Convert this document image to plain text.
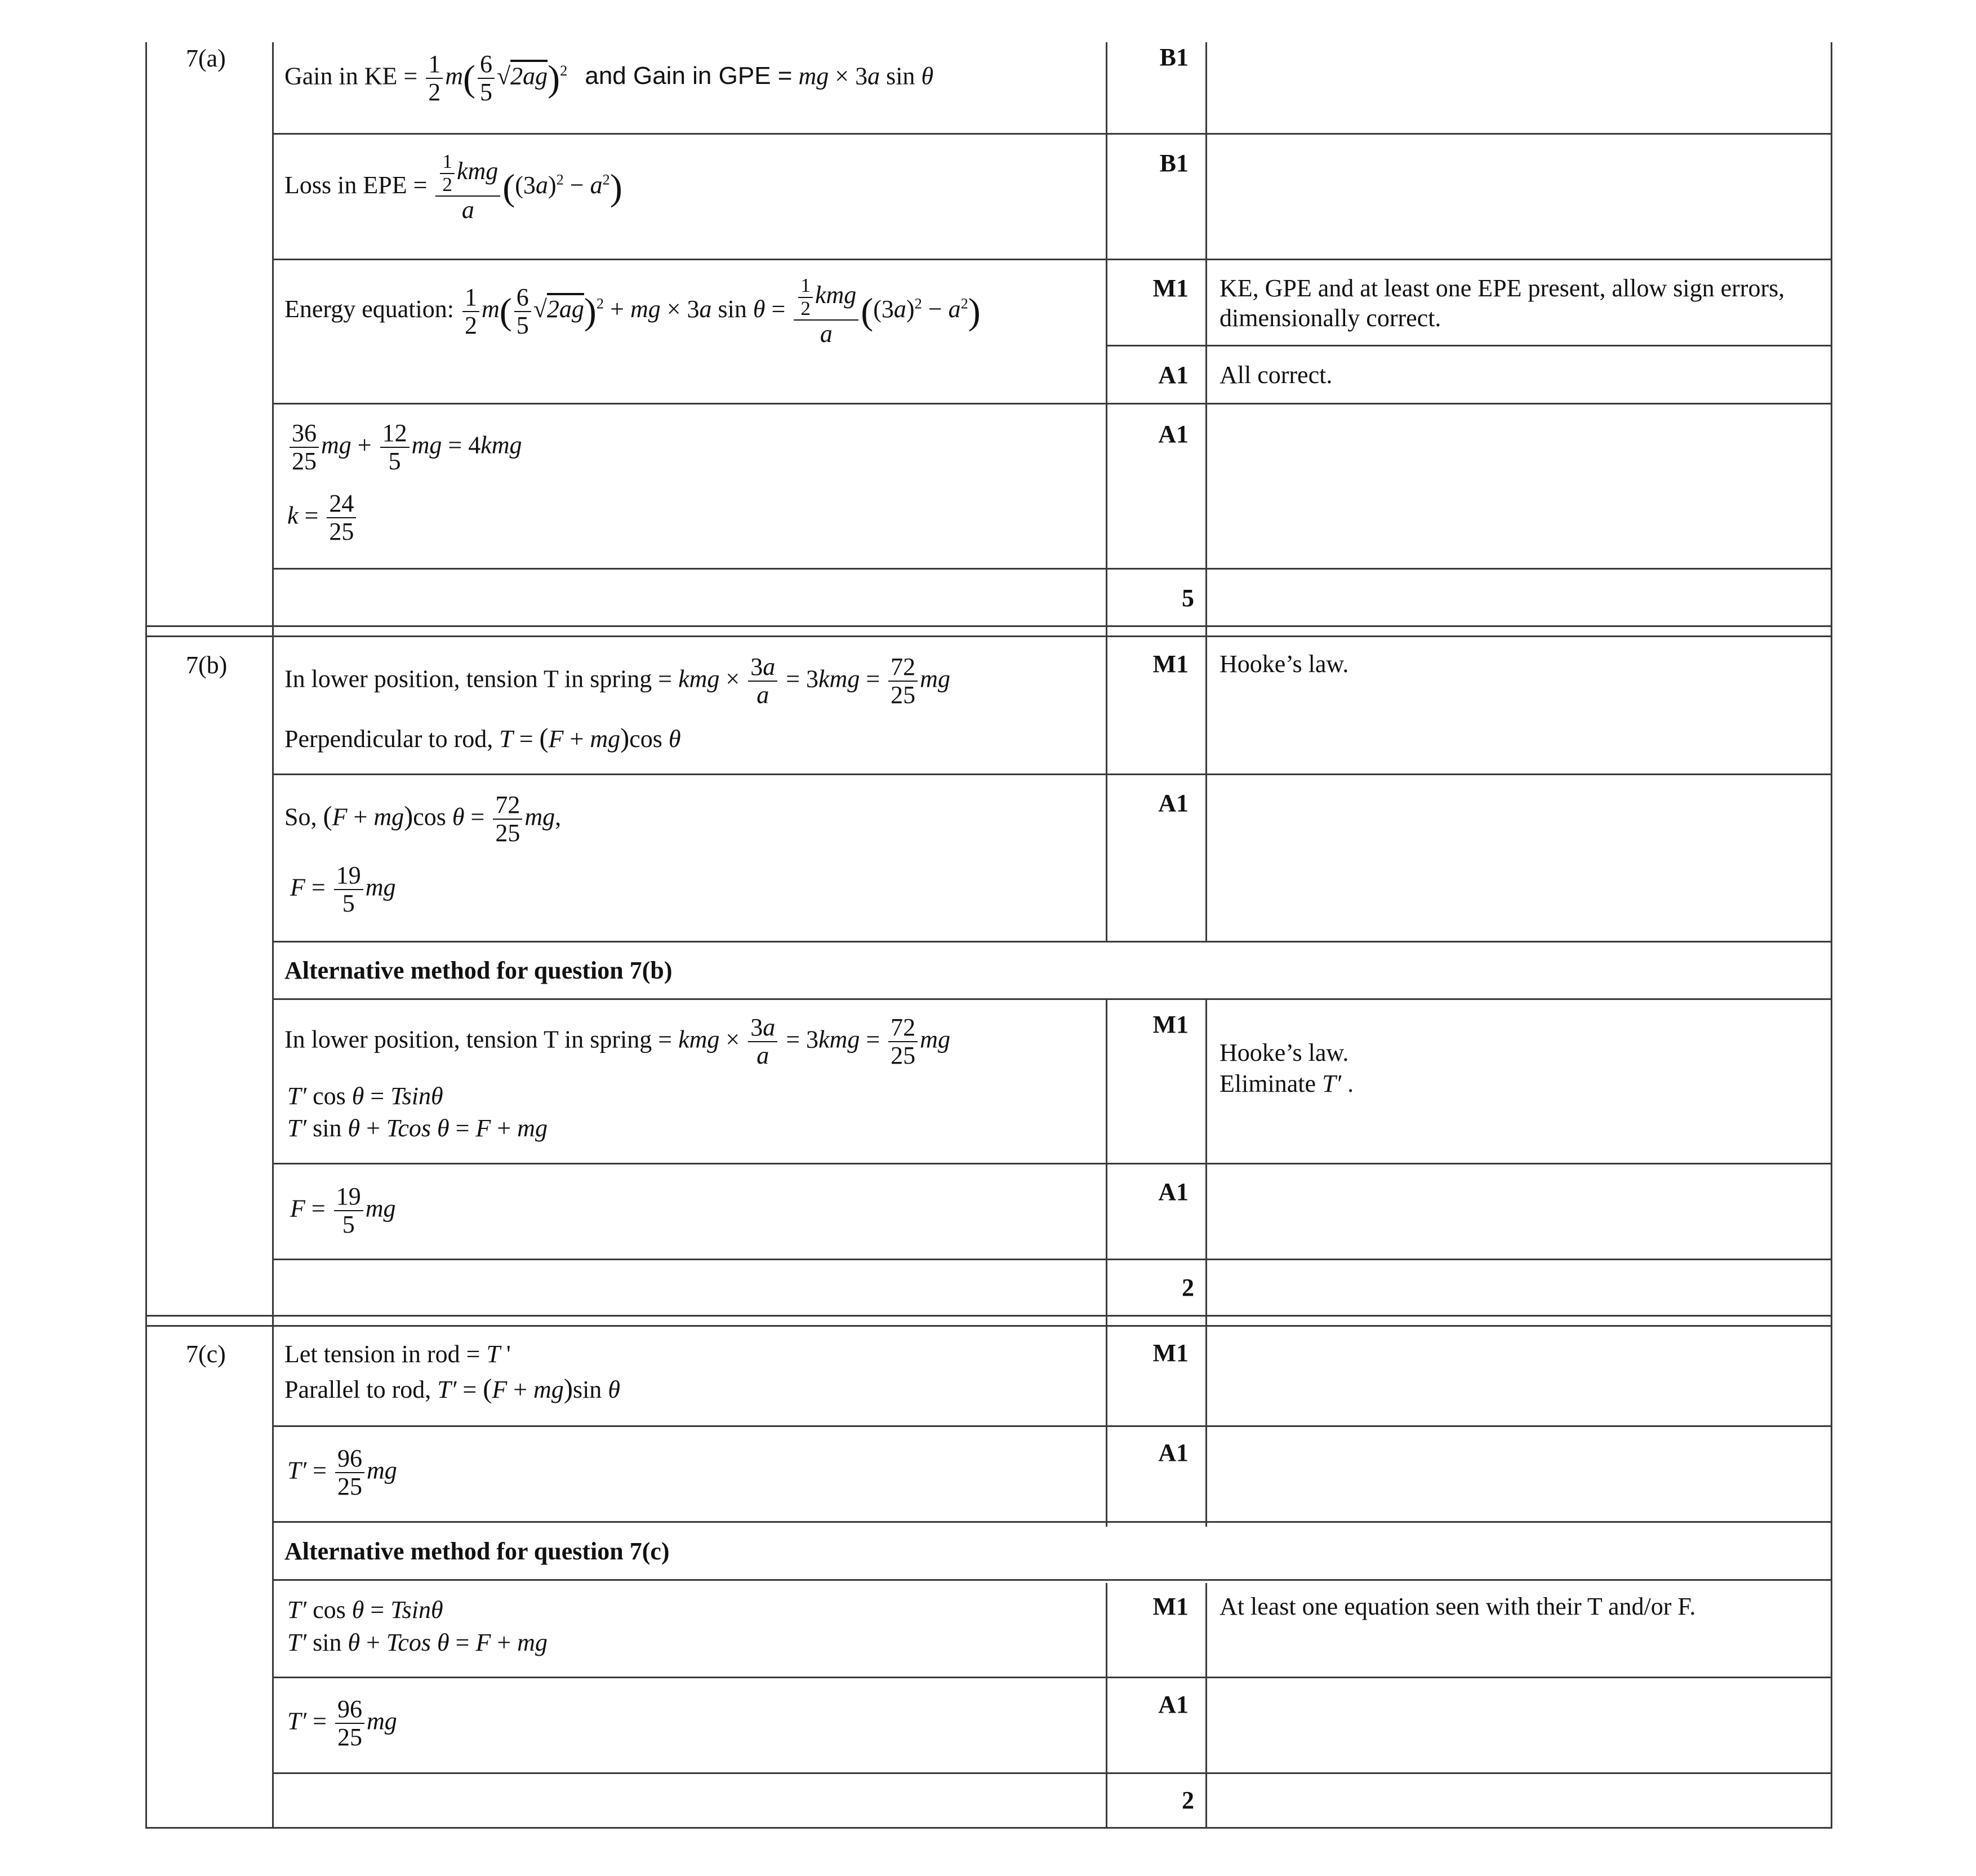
7(a)
Gain in KE = $\frac{1}{2} m( \frac{6}{5} √2ag)^2$ and Gain in GPE = mg × 3a sin θ
B1
Loss in EPE = $\frac{\frac{1}{2} kmg}{a} ((3a)^2 - a^2)$
B1
Energy equation: $\frac{1}{2} m( \frac{6}{5} √2ag)^2$ + mg × 3a $\sin \theta = \frac{\frac{1}{2} kmg}{a} ((3a)^2 - a^2)$
M1 KE, GPE and at least one EPE present, allow sign errors,
dimensionally correct.
A1 All correct.
$\frac{36}{25}$ mg + $\frac{12}{5}$ mg = 4kmg
$k = \frac{24}{25}$
A1
5
7(b) In lower position, tension T in spring = kmg × $\frac{3a}{a} = 3kmg = \frac{72}{25}$ mg
Perpendicular to rod, T = (F + mg)cos θ
M1 Hooke’s law.
So, (F + mg)cos $\theta = \frac{72}{25}$ mg,
$F = \frac{19}{5}$ mg
A1
Alternative method for question 7(b)
In lower position, tension T in spring = kmg × $\frac{3a}{a} = 3kmg = \frac{72}{25}$ mg
T′ cos θ = Tsinθ
T′ sin θ + Tcos θ = F + mg
M1
Hooke’s law.
Eliminate T′ .
$F = \frac{19}{5}$ mg
A1
2
7(c) Let tension in rod = T '
Parallel to rod, T′ = (F + mg)sin θ
M1
$T' = \frac{96}{25}$ mg
A1
Alternative method for question 7(c)
T′ cos θ = Tsinθ
T′ sin θ + Tcos θ = F + mg
M1 At least one equation seen with their T and/or F.
$T' = \frac{96}{25}$ mg
A1
2
